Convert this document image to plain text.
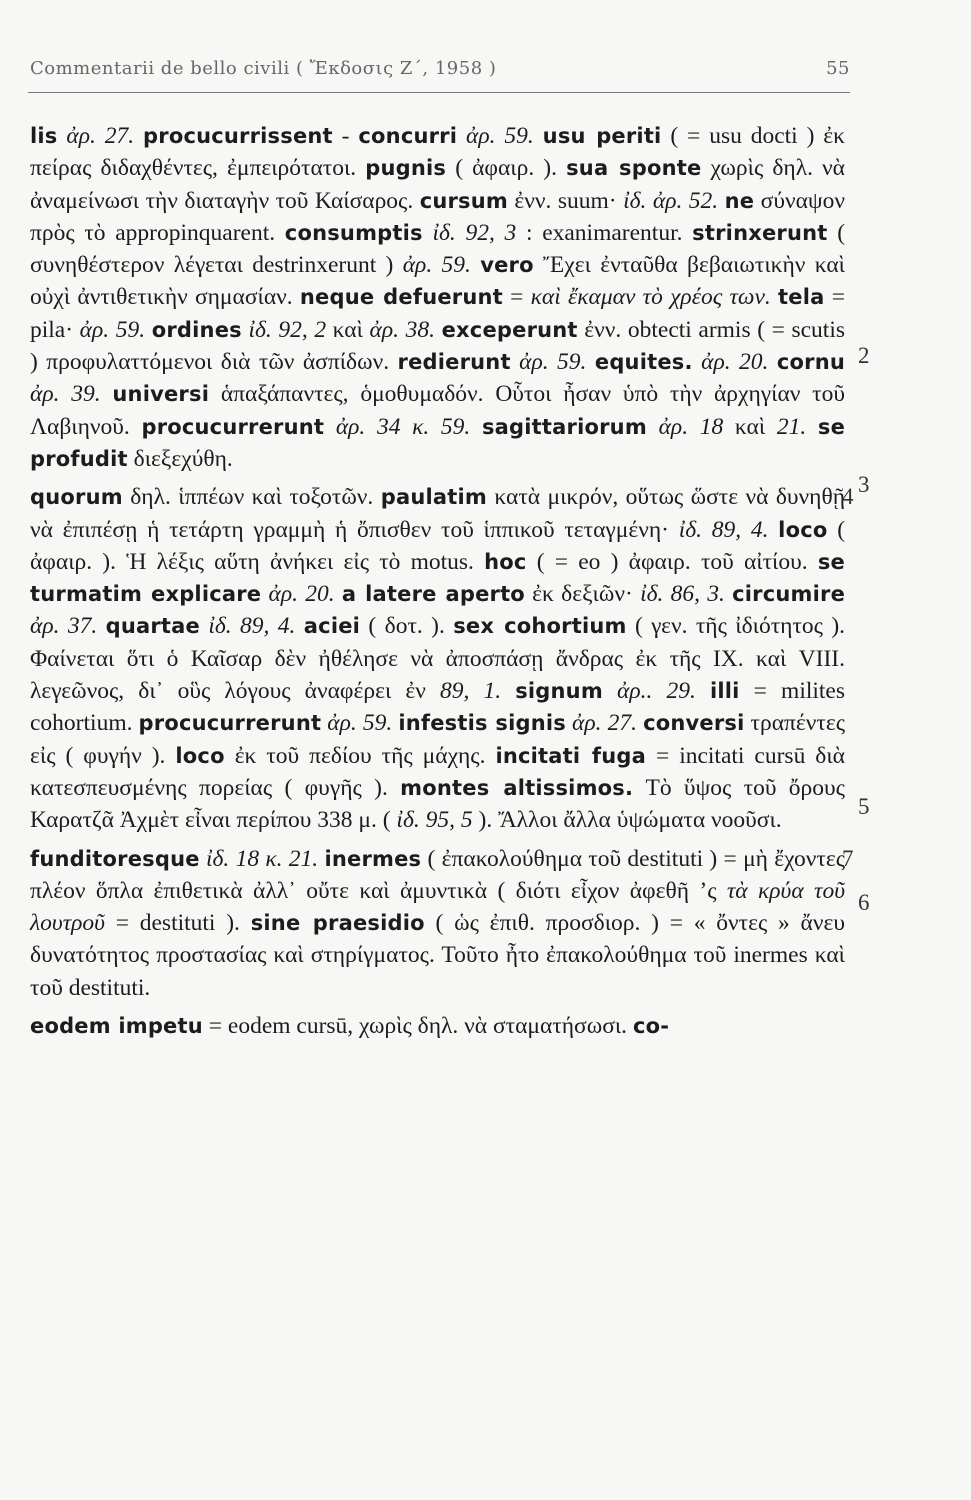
Commentarii de bello civili ( Ἔκδοσις Ζ΄, 1958 )	55

lis ἀρ. 27. procucurrissent - concurri ἀρ. 59. usu periti ( = usu docti ) ἐκ πείρας διδαχθέντες, ἐμπειρότατοι. pugnis ( ἀφαιρ. ). sua sponte χωρὶς δηλ. νὰ ἀναμείνωσι τὴν διαταγὴν τοῦ Καίσαρος. cursum ἐνν. suum· ἰδ. ἀρ. 52. ne σύναψον πρὸς τὸ appropinquarent. consumptis ἰδ. 92, 3 : exanimarentur. strinxerunt ( συνηθέστερον λέγεται destrinxerunt ) ἀρ. 59. vero Ἔχει ἐνταῦθα βεβαιωτικὴν καὶ οὐχὶ ἀντιθετικὴν σημασίαν. neque defuerunt = καὶ ἔκαμαν τὸ χρέος των. tela = pila· ἀρ. 59. ordines ἰδ. 92, 2 καὶ ἀρ. 38. exceperunt ἐνν. obtecti armis ( = scutis ) προφυλαττόμενοι διὰ τῶν ἀσπίδων. redierunt ἀρ. 59. equites. ἀρ. 20. cornu ἀρ. 39. universi ἁπαξάπαντες, ὁμοθυμαδόν. Οὗτοι ἦσαν ὑπὸ τὴν ἀρχηγίαν τοῦ Λαβιηνοῦ. procucurrerunt ἀρ. 34 κ. 59. sagittariorum ἀρ. 18 καὶ 21. se profudit διεξεχύθη.

quorum δηλ. ἱππέων καὶ τοξοτῶν. paulatim κατὰ μικρόν, οὕτως ὥστε νὰ δυνηθῇ νὰ ἐπιπέσῃ ἡ τετάρτη γραμμὴ ἡ ὄπισθεν τοῦ ἱππικοῦ τεταγμένη· ἰδ. 89, 4. loco ( ἀφαιρ. ). Ἡ λέξις αὕτη ἀνήκει εἰς τὸ motus. hoc ( = eo ) ἀφαιρ. τοῦ αἰτίου. se turmatim explicare ἀρ. 20. a latere aperto ἐκ δεξιῶν· ἰδ. 86, 3. circumire ἀρ. 37. quartae ἰδ. 89, 4. aciei ( δοτ. ). sex cohortium ( γεν. τῆς ἰδιότητος ). Φαίνεται ὅτι ὁ Καῖσαρ δὲν ἠθέλησε νὰ ἀποσπάσῃ ἄνδρας ἐκ τῆς IX. καὶ VIII. λεγεῶνος, δι᾽ οὓς λόγους ἀναφέρει ἐν 89, 1. signum ἀρ.. 29. illi = milites cohortium. procucurrerunt ἀρ. 59. infestis signis ἀρ. 27. conversi τραπέντες εἰς ( φυγήν ). loco ἐκ τοῦ πεδίου τῆς μάχης. incitati fuga = incitati cursū διὰ κατεσπευσμένης πορείας ( φυγῆς ). montes altissimos. Τὸ ὕψος τοῦ ὄρους Καρατζᾶ Ἀχμὲτ εἶναι περίπου 338 μ. ( ἰδ. 95, 5 ). Ἄλλοι ἄλλα ὑψώματα νοοῦσι.
4

funditoresque ἰδ. 18 κ. 21. inermes ( ἐπακολούθημα τοῦ destituti ) = μὴ ἔχοντες πλέον ὅπλα ἐπιθετικὰ ἀλλ᾽ οὔτε καὶ ἀμυντικὰ ( διότι εἶχον ἀφεθῆ ’ς τὰ κρύα τοῦ λουτροῦ = destituti ). sine praesidio ( ὡς ἐπιθ. προσδιορ. ) = « ὄντες » ἄνευ δυνατότητος προστασίας καὶ στηρίγματος. Τοῦτο ἦτο ἐπακολούθημα τοῦ inermes καὶ τοῦ destituti.
7

eodem impetu = eodem cursū, χωρὶς δηλ. νὰ σταματήσωσι. co-

2
3
5
6
